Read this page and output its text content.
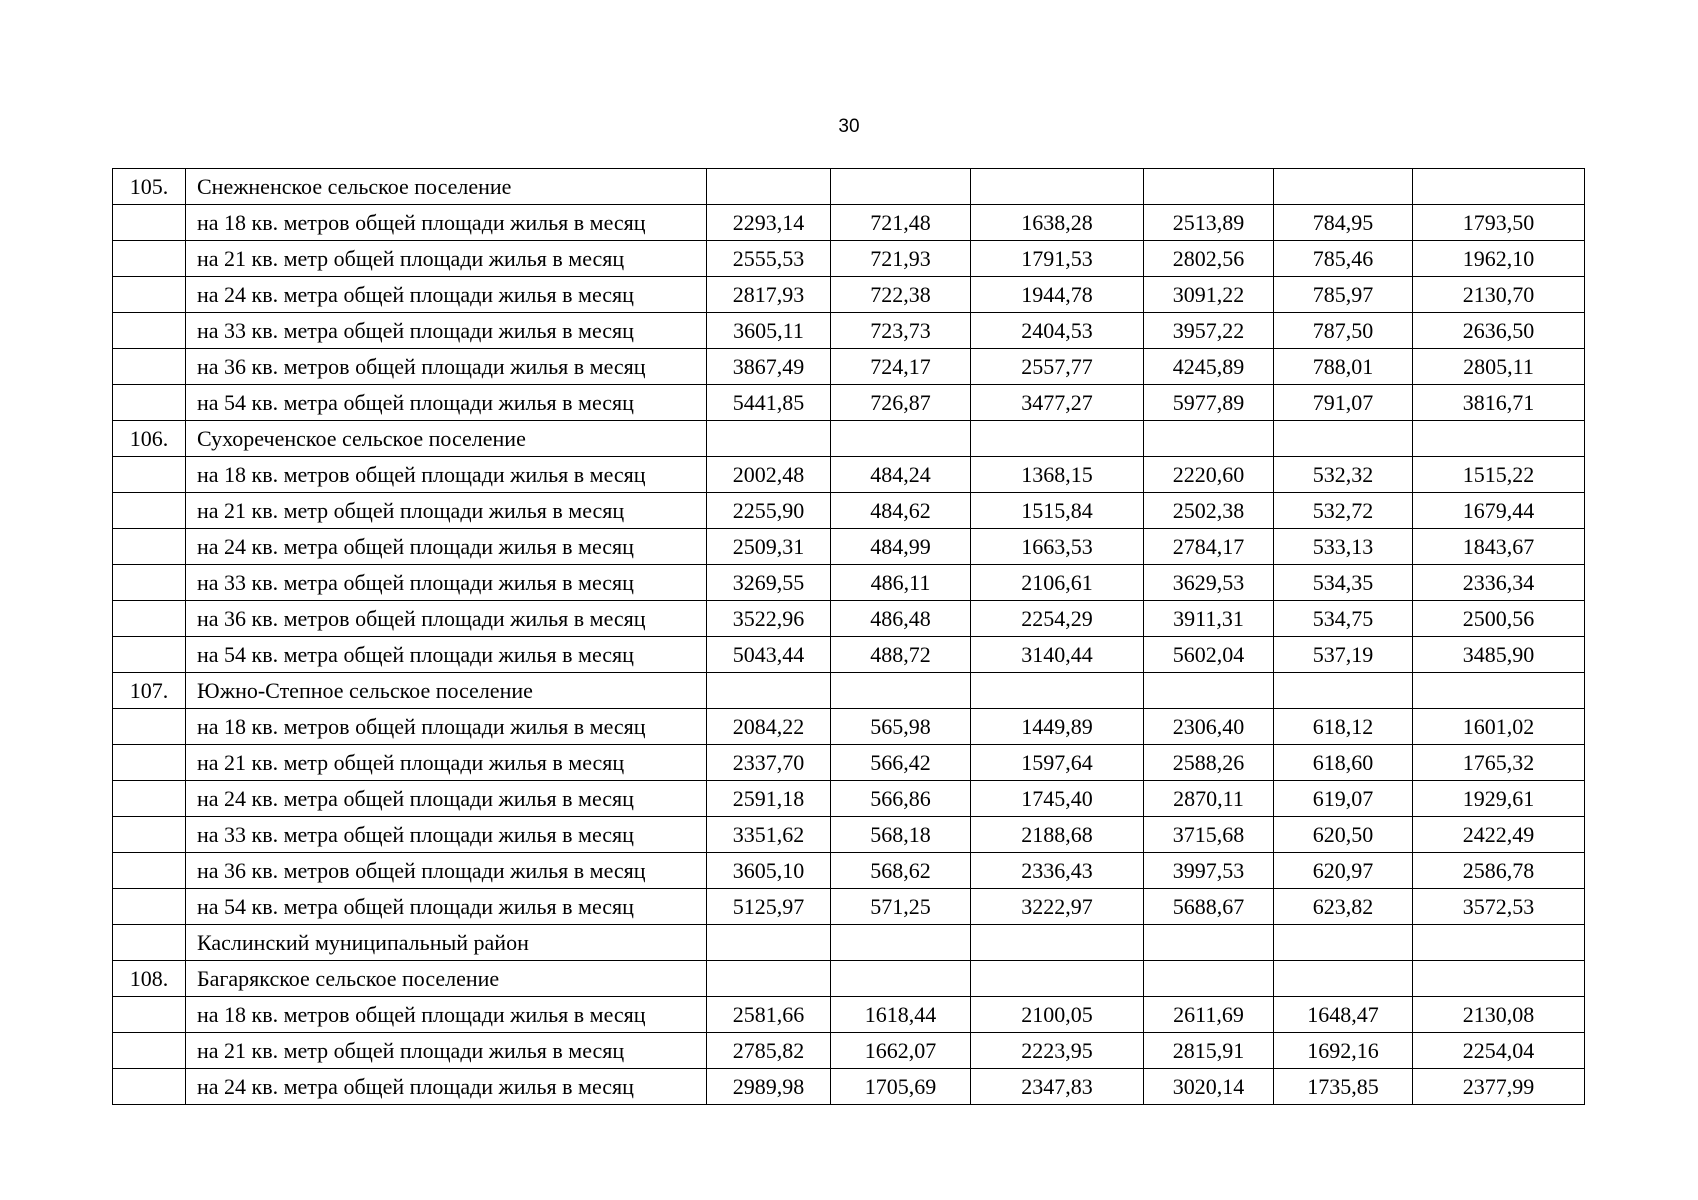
30
105.	Снежненское сельское поселение						
	на 18 кв. метров общей площади жилья в месяц	2293,14	721,48	1638,28	2513,89	784,95	1793,50
	на 21 кв. метр общей площади жилья в месяц	2555,53	721,93	1791,53	2802,56	785,46	1962,10
	на 24 кв. метра общей площади жилья в месяц	2817,93	722,38	1944,78	3091,22	785,97	2130,70
	на 33 кв. метра общей площади жилья в месяц	3605,11	723,73	2404,53	3957,22	787,50	2636,50
	на 36 кв. метров общей площади жилья в месяц	3867,49	724,17	2557,77	4245,89	788,01	2805,11
	на 54 кв. метра общей площади жилья в месяц	5441,85	726,87	3477,27	5977,89	791,07	3816,71
106.	Сухореченское сельское поселение						
	на 18 кв. метров общей площади жилья в месяц	2002,48	484,24	1368,15	2220,60	532,32	1515,22
	на 21 кв. метр общей площади жилья в месяц	2255,90	484,62	1515,84	2502,38	532,72	1679,44
	на 24 кв. метра общей площади жилья в месяц	2509,31	484,99	1663,53	2784,17	533,13	1843,67
	на 33 кв. метра общей площади жилья в месяц	3269,55	486,11	2106,61	3629,53	534,35	2336,34
	на 36 кв. метров общей площади жилья в месяц	3522,96	486,48	2254,29	3911,31	534,75	2500,56
	на 54 кв. метра общей площади жилья в месяц	5043,44	488,72	3140,44	5602,04	537,19	3485,90
107.	Южно-Степное сельское поселение						
	на 18 кв. метров общей площади жилья в месяц	2084,22	565,98	1449,89	2306,40	618,12	1601,02
	на 21 кв. метр общей площади жилья в месяц	2337,70	566,42	1597,64	2588,26	618,60	1765,32
	на 24 кв. метра общей площади жилья в месяц	2591,18	566,86	1745,40	2870,11	619,07	1929,61
	на 33 кв. метра общей площади жилья в месяц	3351,62	568,18	2188,68	3715,68	620,50	2422,49
	на 36 кв. метров общей площади жилья в месяц	3605,10	568,62	2336,43	3997,53	620,97	2586,78
	на 54 кв. метра общей площади жилья в месяц	5125,97	571,25	3222,97	5688,67	623,82	3572,53
	Каслинский муниципальный район						
108.	Багарякское сельское поселение						
	на 18 кв. метров общей площади жилья в месяц	2581,66	1618,44	2100,05	2611,69	1648,47	2130,08
	на 21 кв. метр общей площади жилья в месяц	2785,82	1662,07	2223,95	2815,91	1692,16	2254,04
	на 24 кв. метра общей площади жилья в месяц	2989,98	1705,69	2347,83	3020,14	1735,85	2377,99
